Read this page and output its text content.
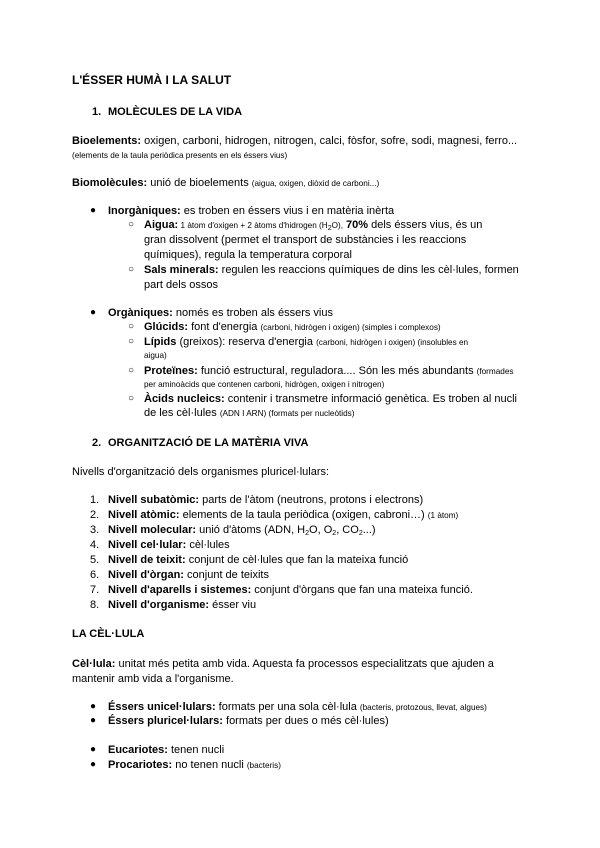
L'ÉSSER HUMÀ I LA SALUT
1. MOLÈCULES DE LA VIDA
Bioelements: oxigen, carboni, hidrogen, nitrogen, calci, fòsfor, sofre, sodi, magnesi, ferro...
(elements de la taula periòdica presents en els éssers vius)
Biomolècules: unió de bioelements (aigua, oxigen, diòxid de carboni...)
● Inorgàniques: es troben en éssers vius i en matèria inèrta
○ Aigua: 1 àtom d'oxigen + 2 àtoms d'hidrogen $(H_2O)$, 70% dels éssers vius, és un
gran dissolvent (permet el transport de substàncies i les reaccions
químiques), regula la temperatura corporal
○ Sals minerals: regulen les reaccions químiques de dins les cèl·lules, formen
part dels ossos
● Orgàniques: només es troben als éssers vius
○ Glúcids: font d'energia (carboni, hidrògen i oxigen) (simples i complexos)
○ Lípids (greixos): reserva d'energia (carboni, hidrògen i oxigen) (insolubles en
aigua)
○ Proteïnes: funció estructural, reguladora.... Són les més abundants (formades
per aminoàcids que contenen carboni, hidrògen, oxigen i nitrogen)
○ Àcids nucleics: contenir i transmetre informació genètica. Es troben al nucli
de les cèl·lules (ADN I ARN) (formats per nucleòtids)
2. ORGANITZACIÓ DE LA MATÈRIA VIVA
Nivells d'organització dels organismes pluricel·lulars:
1. Nivell subatòmic: parts de l'àtom (neutrons, protons i electrons)
2. Nivell atòmic: elements de la taula periòdica (oxigen, cabroni…) (1 àtom)
3. Nivell molecular: unió d'àtoms (ADN, $H_2O$, $O_2$, $CO_2$...)
4. Nivell cel·lular: cèl·lules
5. Nivell de teixit: conjunt de cèl·lules que fan la mateixa funció
6. Nivell d'òrgan: conjunt de teixits
7. Nivell d'aparells i sistemes: conjunt d'òrgans que fan una mateixa funció.
8. Nivell d'organisme: ésser viu
LA CÈL·LULA
Cèl·lula: unitat més petita amb vida. Aquesta fa processos especialitzats que ajuden a
mantenir amb vida a l'organisme.
● Éssers unicel·lulars: formats per una sola cèl·lula (bacteris, protozous, llevat, algues)
● Éssers pluricel·lulars: formats per dues o més cèl·lules)
● Eucariotes: tenen nucli
● Procariotes: no tenen nucli (bacteris)
